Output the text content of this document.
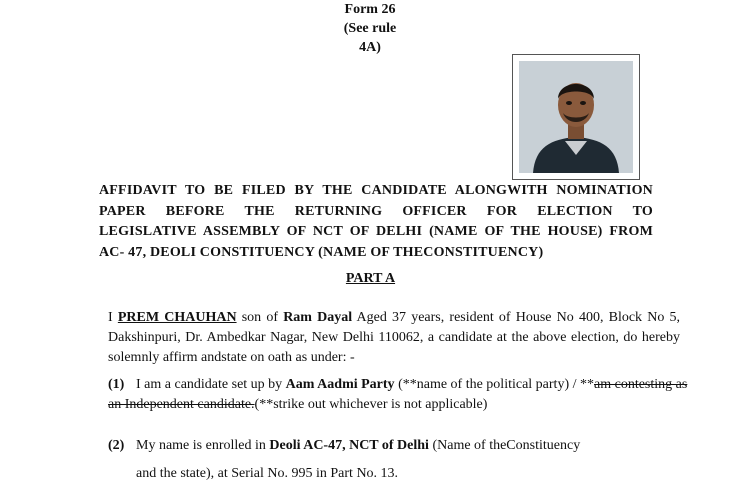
Form 26
(See rule
4A)
AFFIDAVIT TO BE FILED BY THE CANDIDATE ALONGWITH NOMINATION
PAPER BEFORE THE RETURNING OFFICER FOR ELECTION TO
LEGISLATIVE ASSEMBLY OF NCT OF DELHI (NAME OF THE HOUSE) FROM
AC- 47, DEOLI CONSTITUENCY (NAME OF THECONSTITUENCY)
PART A
I PREM CHAUHAN son of Ram Dayal Aged 37 years, resident of House No 400, Block No 5, Dakshinpuri, Dr. Ambedkar Nagar, New Delhi 110062, a candidate at the above election, do hereby solemnly affirm andstate on oath as under: -
(1) I am a candidate set up by Aam Aadmi Party (**name of the political party) / **am contesting as an Independent candidate.(**strike out whichever is not applicable)
(2) My name is enrolled in Deoli AC-47, NCT of Delhi (Name of theConstituency
and the state), at Serial No. 995 in Part No. 13.
